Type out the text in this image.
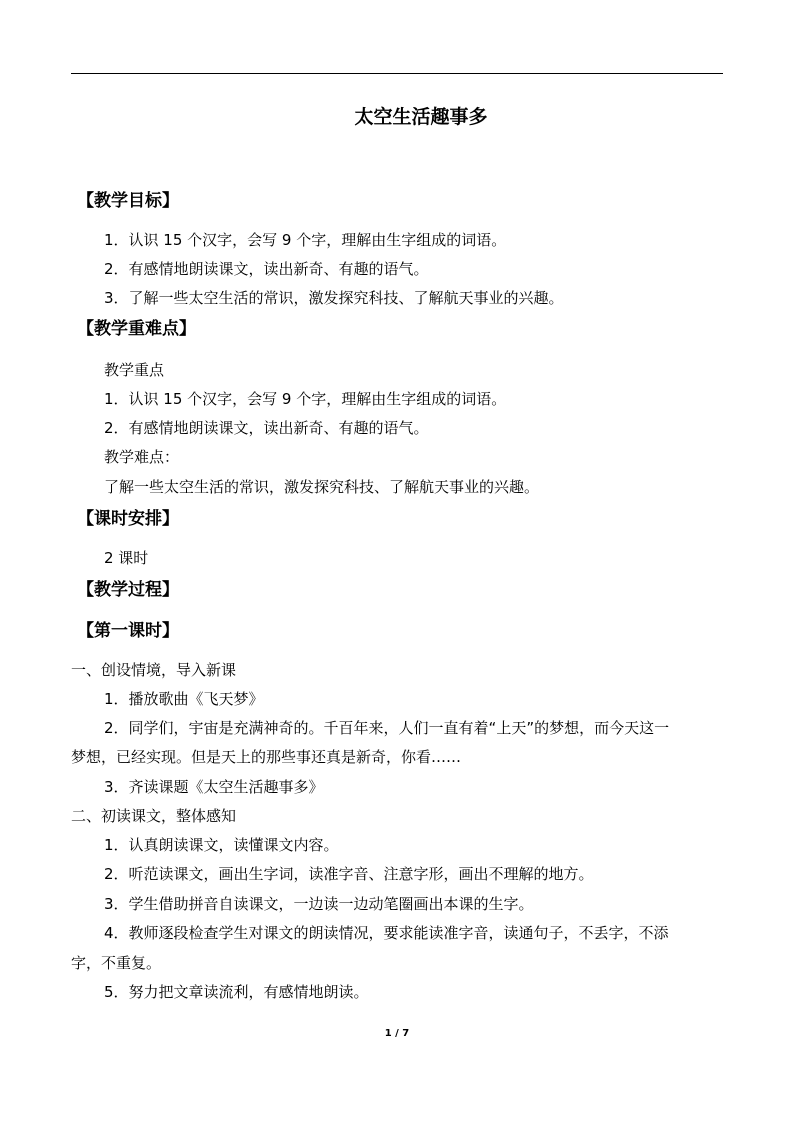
太空生活趣事多
【教学目标】
1．认识 15 个汉字，会写 9 个字，理解由生字组成的词语。
2．有感情地朗读课文，读出新奇、有趣的语气。
3．了解一些太空生活的常识，激发探究科技、了解航天事业的兴趣。
【教学重难点】
教学重点
1．认识 15 个汉字，会写 9 个字，理解由生字组成的词语。
2．有感情地朗读课文，读出新奇、有趣的语气。
教学难点：
了解一些太空生活的常识，激发探究科技、了解航天事业的兴趣。
【课时安排】
2 课时
【教学过程】
【第一课时】
一、创设情境，导入新课
1．播放歌曲《飞天梦》
2．同学们，宇宙是充满神奇的。千百年来，人们一直有着“上天”的梦想，而今天这一
梦想，已经实现。但是天上的那些事还真是新奇，你看……
3．齐读课题《太空生活趣事多》
二、初读课文，整体感知
1．认真朗读课文，读懂课文内容。
2．听范读课文，画出生字词，读准字音、注意字形，画出不理解的地方。
3．学生借助拼音自读课文，一边读一边动笔圈画出本课的生字。
4．教师逐段检查学生对课文的朗读情况，要求能读准字音，读通句子，不丢字，不添
字，不重复。
5．努力把文章读流利，有感情地朗读。
1 / 7
